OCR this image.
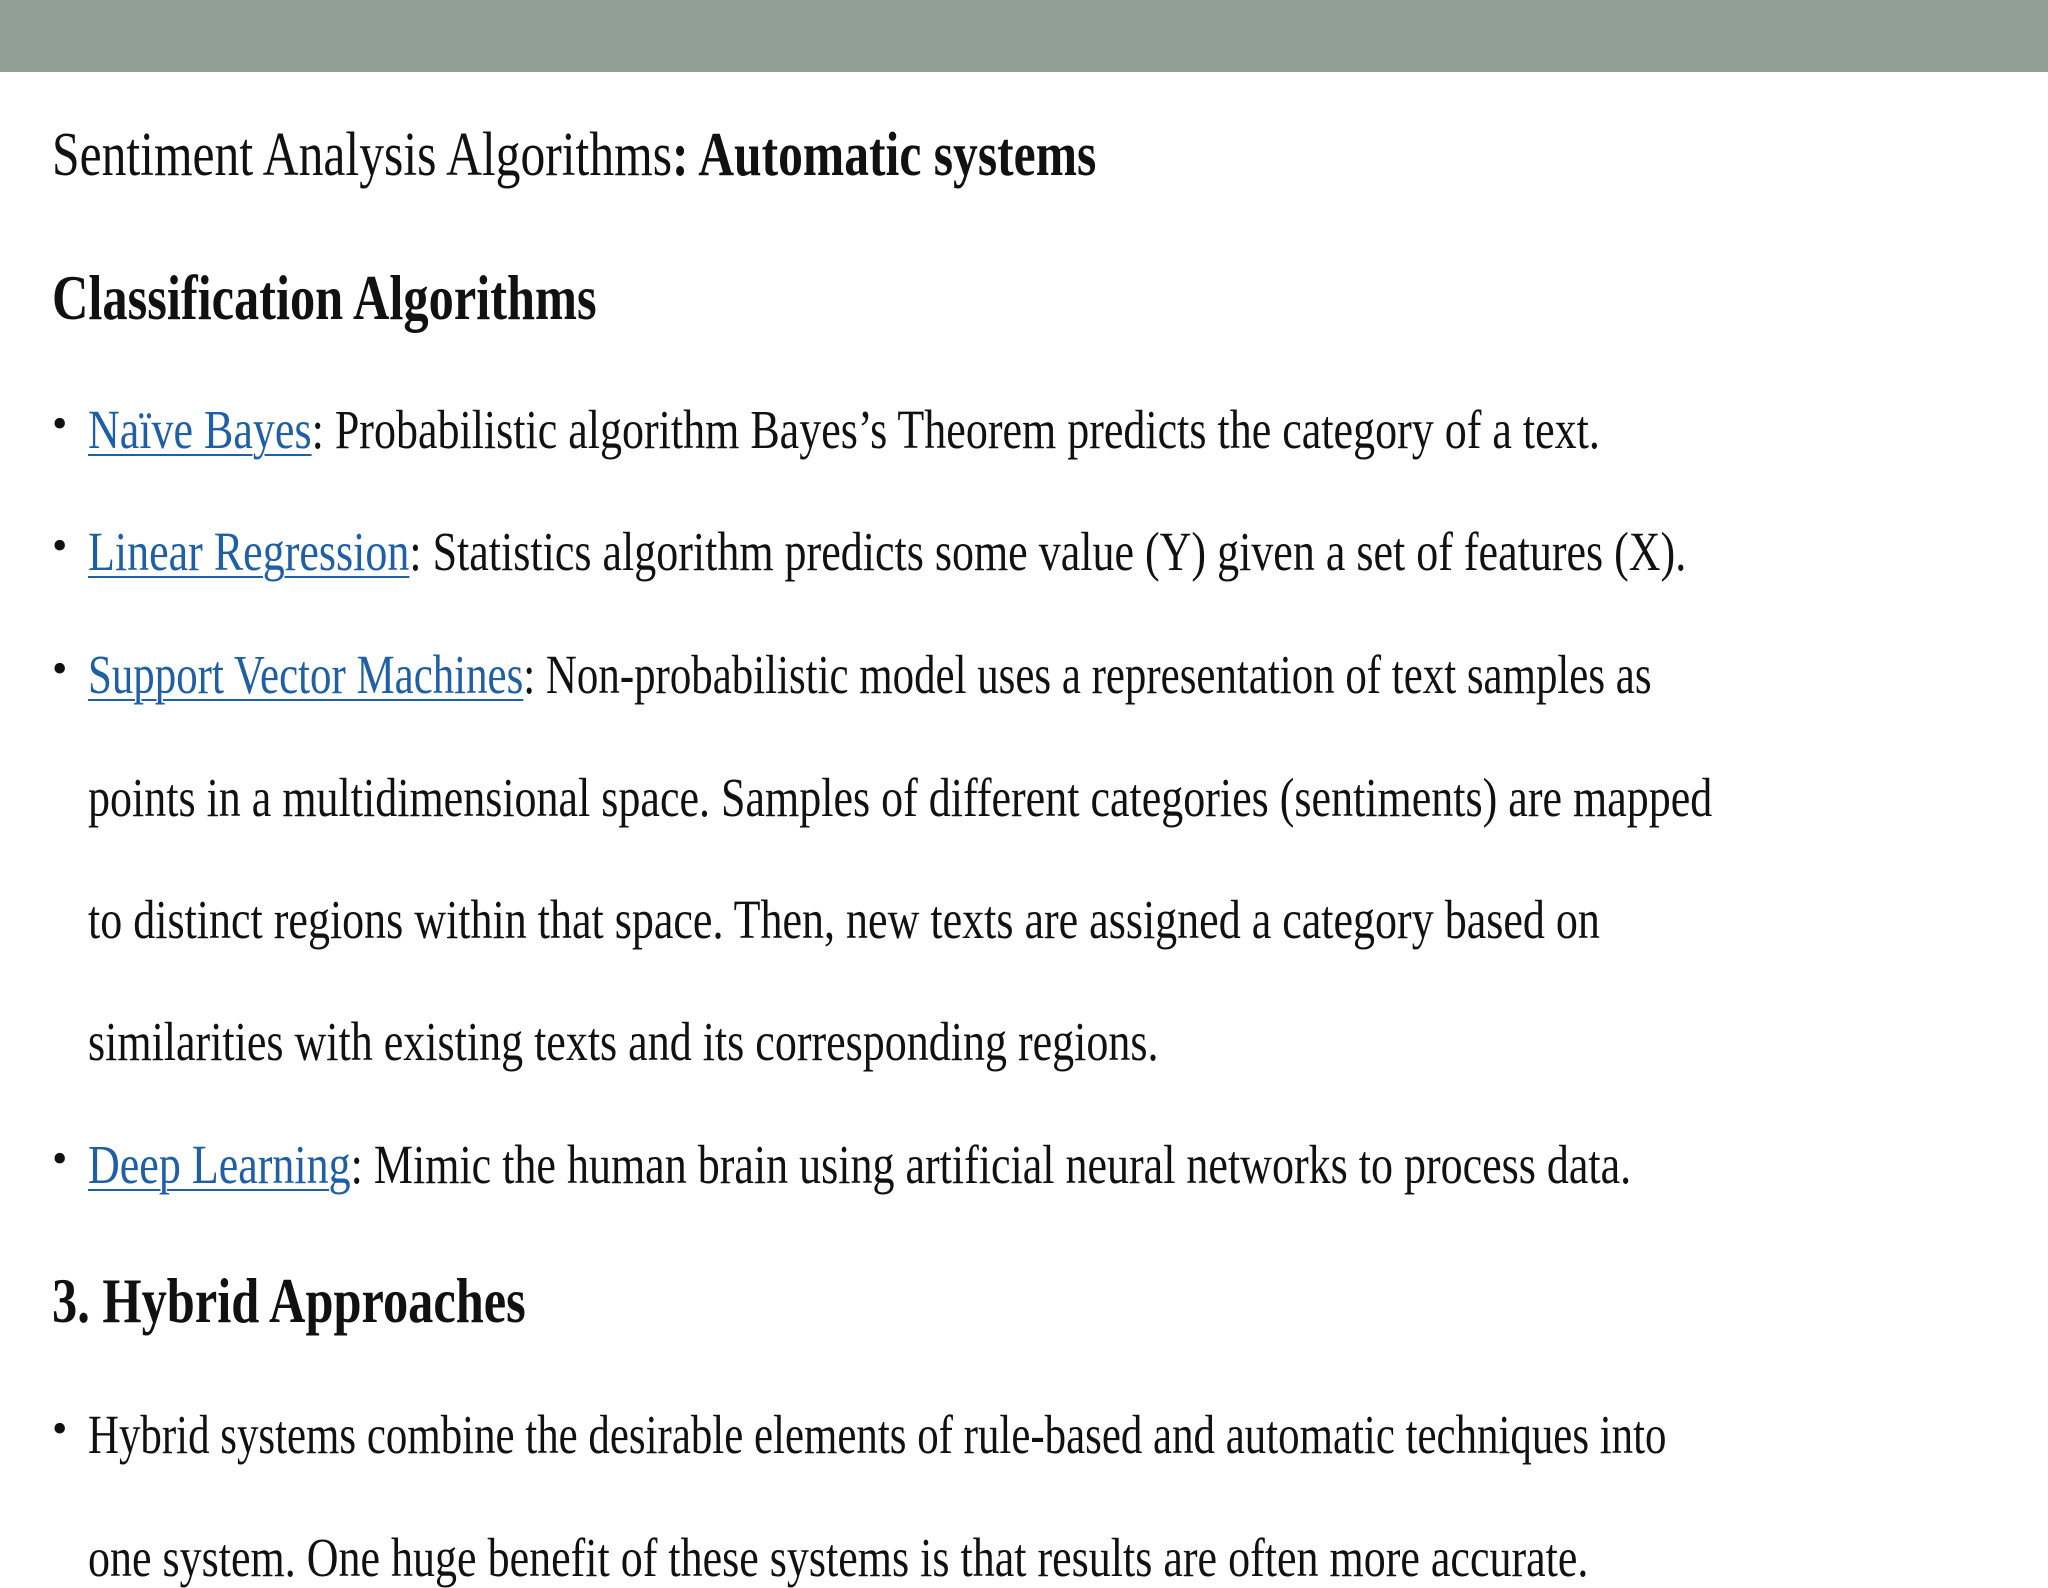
Sentiment Analysis Algorithms: Automatic systems
Classification Algorithms
• Naïve Bayes: Probabilistic algorithm Bayes’s Theorem predicts the category of a text.
• Linear Regression: Statistics algorithm predicts some value (Y) given a set of features (X).
• Support Vector Machines: Non-probabilistic model uses a representation of text samples as
points in a multidimensional space. Samples of different categories (sentiments) are mapped
to distinct regions within that space. Then, new texts are assigned a category based on
similarities with existing texts and its corresponding regions.
• Deep Learning: Mimic the human brain using artificial neural networks to process data.
3. Hybrid Approaches
• Hybrid systems combine the desirable elements of rule-based and automatic techniques into
one system. One huge benefit of these systems is that results are often more accurate.
